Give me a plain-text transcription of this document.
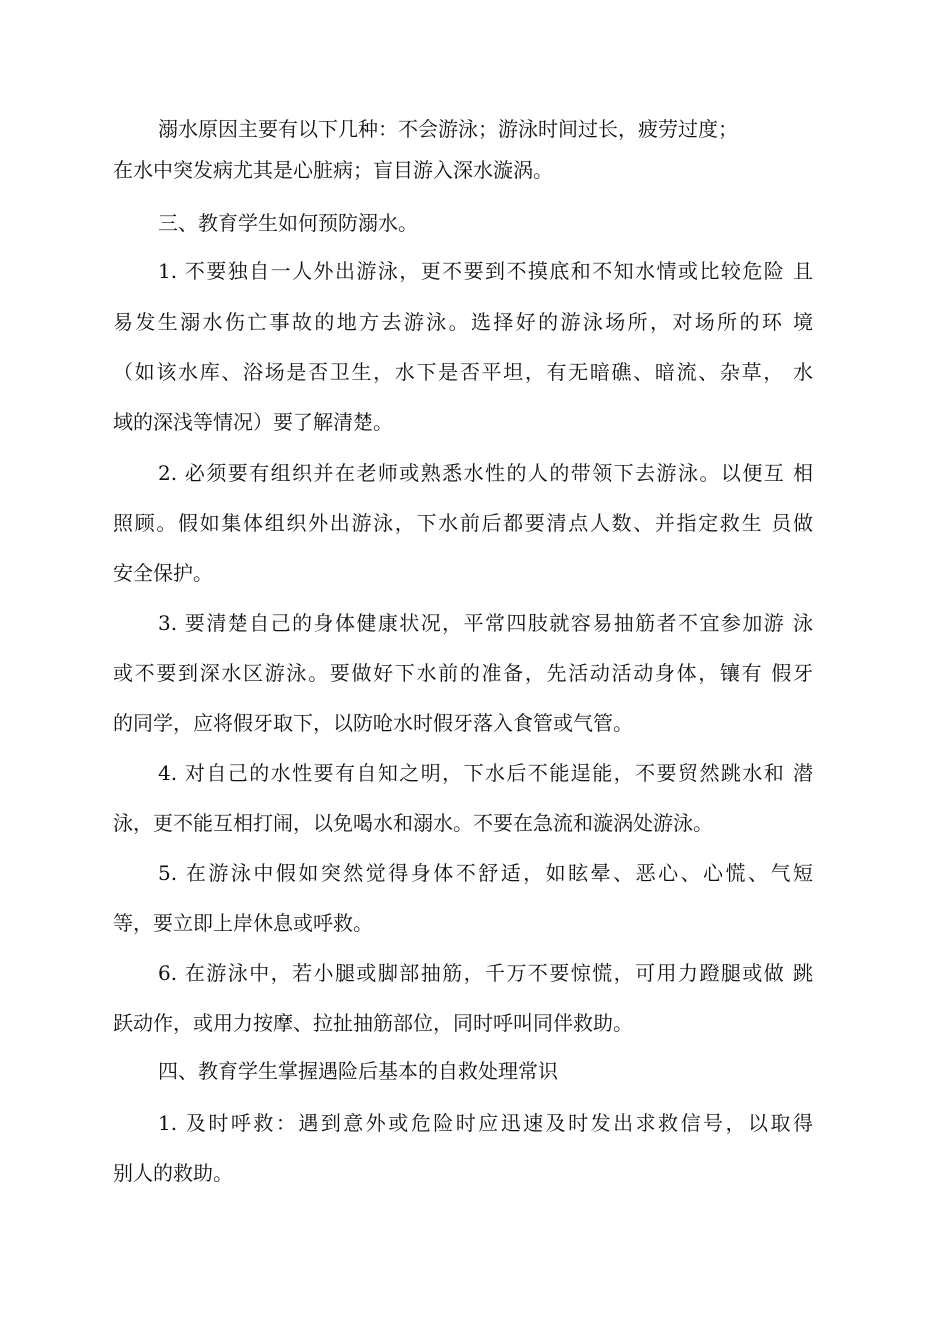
溺水原因主要有以下几种：不会游泳；游泳时间过长，疲劳过度；
在水中突发病尤其是心脏病；盲目游入深水漩涡。
三、教育学生如何预防溺水。
1. 不要独自一人外出游泳，更不要到不摸底和不知水情或比较危险 且
易发生溺水伤亡事故的地方去游泳。选择好的游泳场所，对场所的环 境
（如该水库、浴场是否卫生，水下是否平坦，有无暗礁、暗流、杂草， 水
域的深浅等情况）要了解清楚。
2. 必须要有组织并在老师或熟悉水性的人的带领下去游泳。以便互 相
照顾。假如集体组织外出游泳，下水前后都要清点人数、并指定救生 员做
安全保护。
3. 要清楚自己的身体健康状况，平常四肢就容易抽筋者不宜参加游 泳
或不要到深水区游泳。要做好下水前的准备，先活动活动身体，镶有 假牙
的同学，应将假牙取下，以防呛水时假牙落入食管或气管。
4. 对自己的水性要有自知之明，下水后不能逞能，不要贸然跳水和 潜
泳，更不能互相打闹，以免喝水和溺水。不要在急流和漩涡处游泳。
5. 在游泳中假如突然觉得身体不舒适，如眩晕、恶心、心慌、气短
等，要立即上岸休息或呼救。
6. 在游泳中，若小腿或脚部抽筋，千万不要惊慌，可用力蹬腿或做 跳
跃动作，或用力按摩、拉扯抽筋部位，同时呼叫同伴救助。
四、教育学生掌握遇险后基本的自救处理常识
1. 及时呼救：遇到意外或危险时应迅速及时发出求救信号，以取得
别人的救助。
